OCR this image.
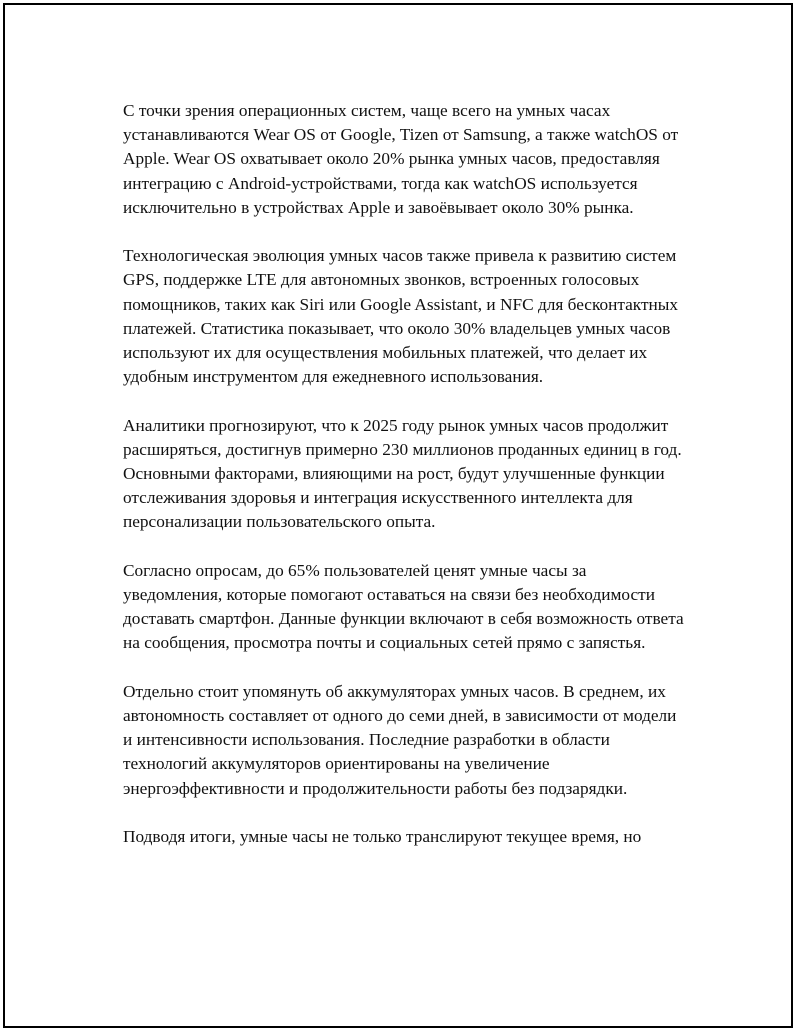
С точки зрения операционных систем, чаще всего на умных часах устанавливаются Wear OS от Google, Tizen от Samsung, а также watchOS от Apple. Wear OS охватывает около 20% рынка умных часов, предоставляя интеграцию с Android-устройствами, тогда как watchOS используется исключительно в устройствах Apple и завоёвывает около 30% рынка.

Технологическая эволюция умных часов также привела к развитию систем GPS, поддержке LTE для автономных звонков, встроенных голосовых помощников, таких как Siri или Google Assistant, и NFC для бесконтактных платежей. Статистика показывает, что около 30% владельцев умных часов используют их для осуществления мобильных платежей, что делает их удобным инструментом для ежедневного использования.

Аналитики прогнозируют, что к 2025 году рынок умных часов продолжит расширяться, достигнув примерно 230 миллионов проданных единиц в год. Основными факторами, влияющими на рост, будут улучшенные функции отслеживания здоровья и интеграция искусственного интеллекта для персонализации пользовательского опыта.

Согласно опросам, до 65% пользователей ценят умные часы за уведомления, которые помогают оставаться на связи без необходимости доставать смартфон. Данные функции включают в себя возможность ответа на сообщения, просмотра почты и социальных сетей прямо с запястья.

Отдельно стоит упомянуть об аккумуляторах умных часов. В среднем, их автономность составляет от одного до семи дней, в зависимости от модели и интенсивности использования. Последние разработки в области технологий аккумуляторов ориентированы на увеличение энергоэффективности и продолжительности работы без подзарядки.

Подводя итоги, умные часы не только транслируют текущее время, но
